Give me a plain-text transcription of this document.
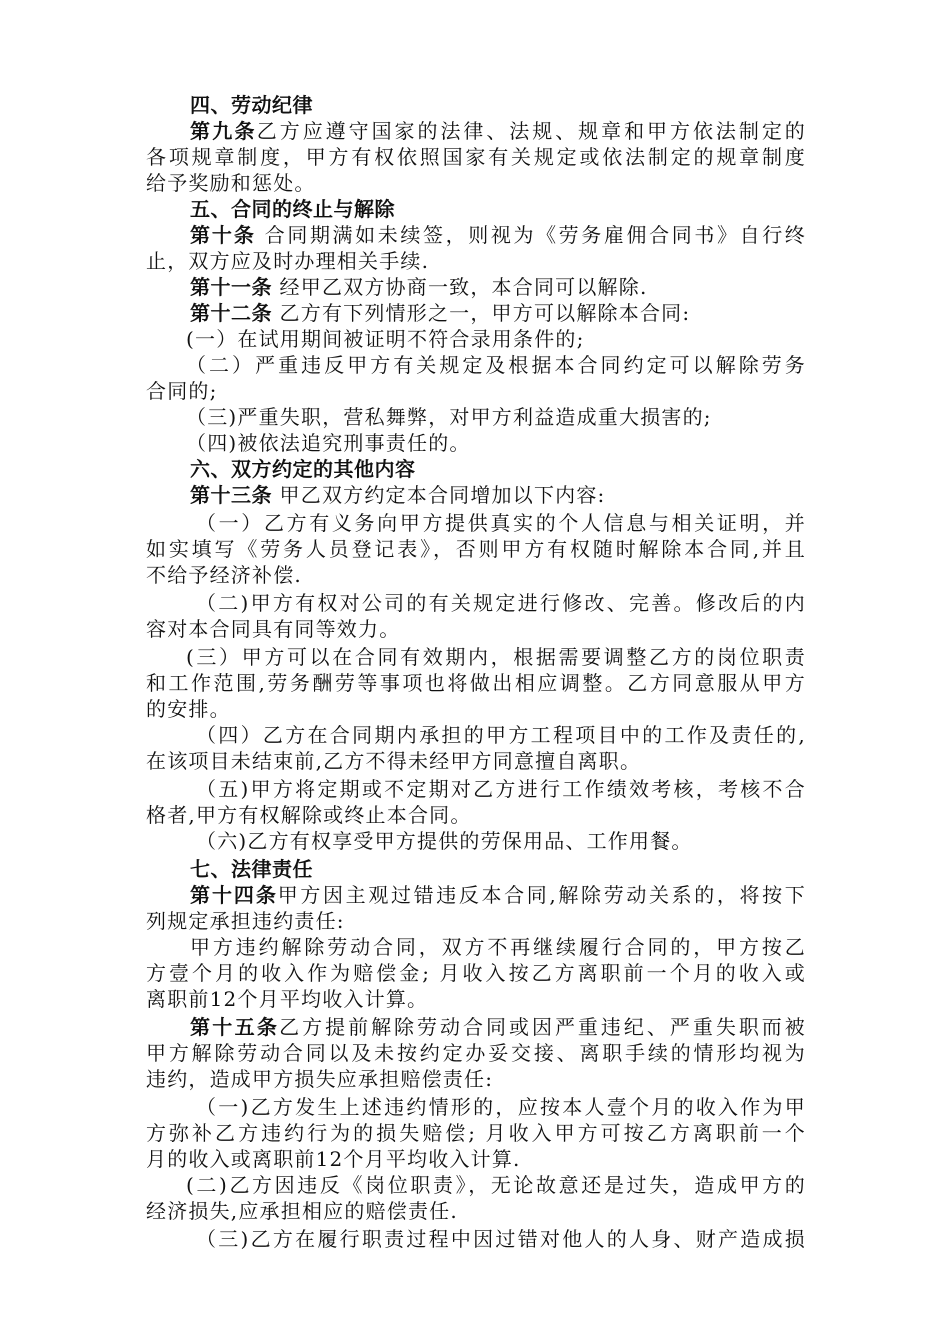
四、劳动纪律
第九条乙方应遵守国家的法律、法规、规章和甲方依法制定的
各项规章制度，甲方有权依照国家有关规定或依法制定的规章制度
给予奖励和惩处。
五、合同的终止与解除
第十条 合同期满如未续签，则视为《劳务雇佣合同书》自行终
止，双方应及时办理相关手续.
第十一条 经甲乙双方协商一致，本合同可以解除.
第十二条 乙方有下列情形之一，甲方可以解除本合同:
(一）在试用期间被证明不符合录用条件的;
（二）严重违反甲方有关规定及根据本合同约定可以解除劳务
合同的;
（三)严重失职，营私舞弊，对甲方利益造成重大损害的;
（四)被依法追究刑事责任的。
六、双方约定的其他内容
第十三条 甲乙双方约定本合同增加以下内容:
（一）乙方有义务向甲方提供真实的个人信息与相关证明，并
如实填写《劳务人员登记表》，否则甲方有权随时解除本合同,并且
不给予经济补偿.
（二)甲方有权对公司的有关规定进行修改、完善。修改后的内
容对本合同具有同等效力。
(三）甲方可以在合同有效期内，根据需要调整乙方的岗位职责
和工作范围,劳务酬劳等事项也将做出相应调整。乙方同意服从甲方
的安排。
（四）乙方在合同期内承担的甲方工程项目中的工作及责任的,
在该项目未结束前,乙方不得未经甲方同意擅自离职。
（五)甲方将定期或不定期对乙方进行工作绩效考核，考核不合
格者,甲方有权解除或终止本合同。
（六)乙方有权享受甲方提供的劳保用品、工作用餐。
七、法律责任
第十四条甲方因主观过错违反本合同,解除劳动关系的，将按下
列规定承担违约责任:
甲方违约解除劳动合同，双方不再继续履行合同的，甲方按乙
方壹个月的收入作为赔偿金; 月收入按乙方离职前一个月的收入或
离职前12个月平均收入计算。
第十五条乙方提前解除劳动合同或因严重违纪、严重失职而被
甲方解除劳动合同以及未按约定办妥交接、离职手续的情形均视为
违约，造成甲方损失应承担赔偿责任:
（一)乙方发生上述违约情形的，应按本人壹个月的收入作为甲
方弥补乙方违约行为的损失赔偿; 月收入甲方可按乙方离职前一个
月的收入或离职前12个月平均收入计算.
(二)乙方因违反《岗位职责》，无论故意还是过失，造成甲方的
经济损失,应承担相应的赔偿责任.
（三)乙方在履行职责过程中因过错对他人的人身、财产造成损
